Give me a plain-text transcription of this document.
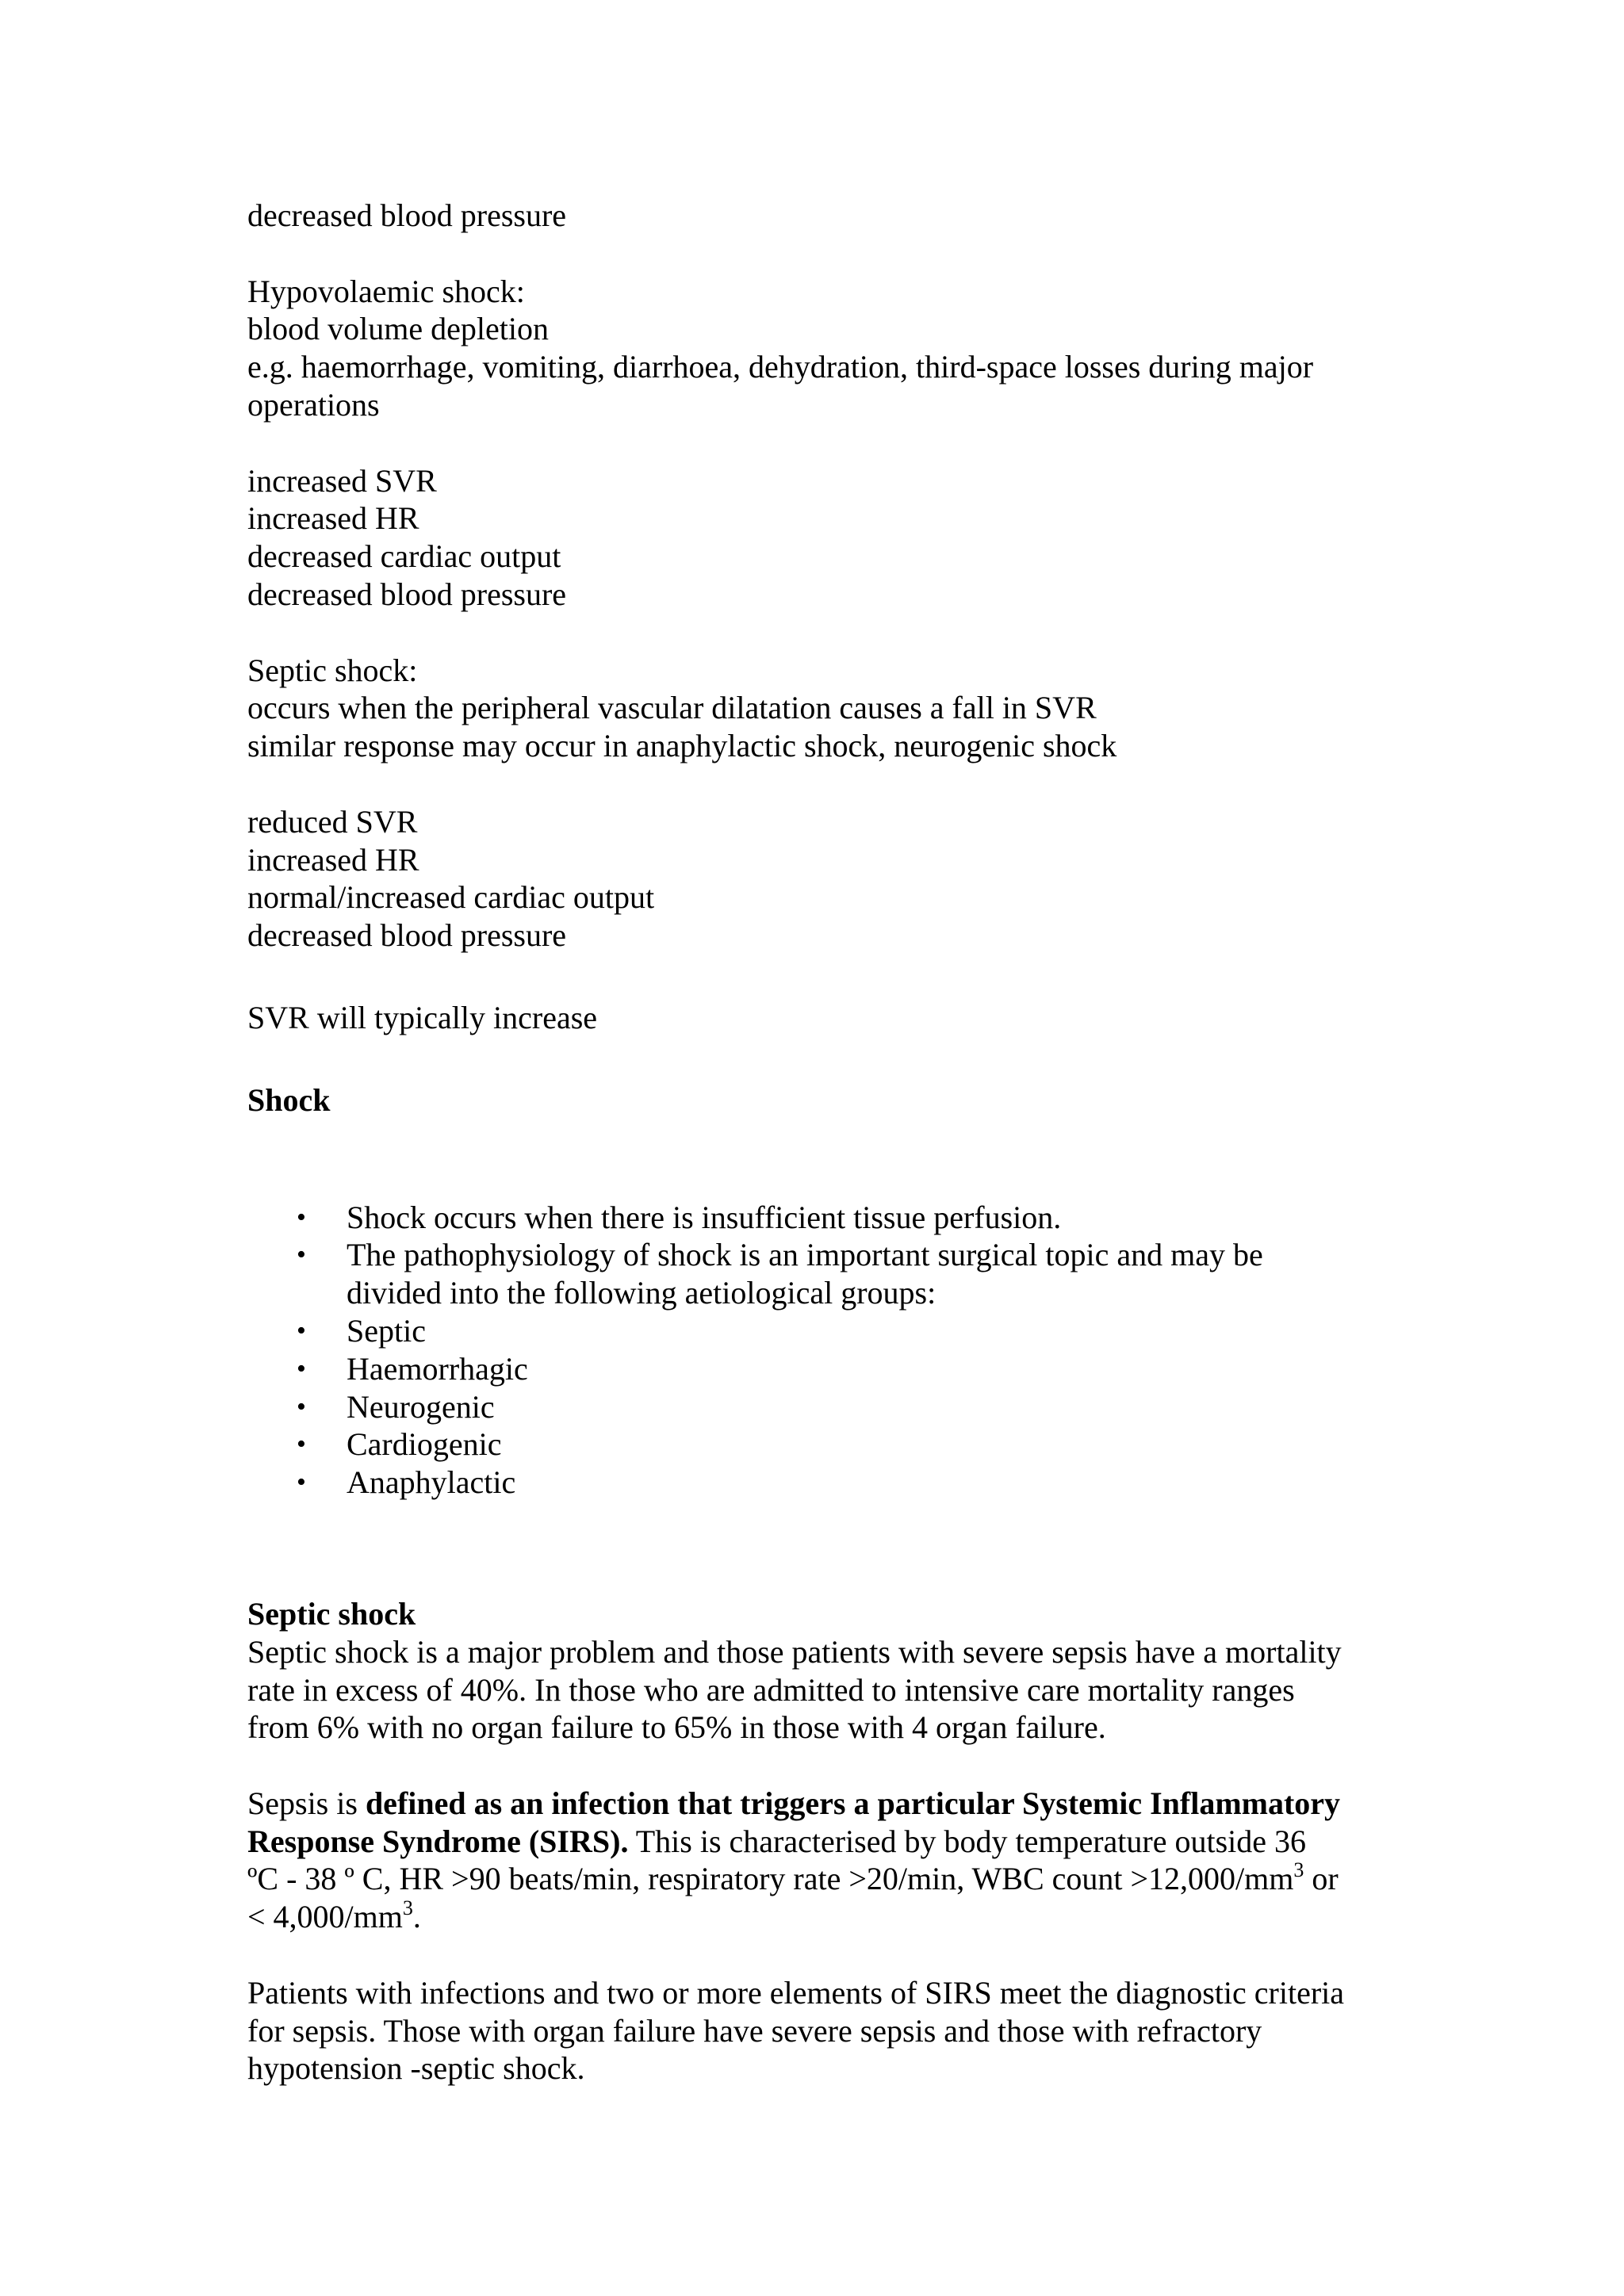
decreased blood pressure
Hypovolaemic shock:
blood volume depletion
e.g. haemorrhage, vomiting, diarrhoea, dehydration, third-space losses during major
operations
increased SVR
increased HR
decreased cardiac output
decreased blood pressure
Septic shock:
occurs when the peripheral vascular dilatation causes a fall in SVR
similar response may occur in anaphylactic shock, neurogenic shock
reduced SVR
increased HR
normal/increased cardiac output
decreased blood pressure
SVR will typically increase
Shock
• Shock occurs when there is insufficient tissue perfusion.
• The pathophysiology of shock is an important surgical topic and may be
divided into the following aetiological groups:
• Septic
• Haemorrhagic
• Neurogenic
• Cardiogenic
• Anaphylactic
Septic shock
Septic shock is a major problem and those patients with severe sepsis have a mortality
rate in excess of 40%. In those who are admitted to intensive care mortality ranges
from 6% with no organ failure to 65% in those with 4 organ failure.
Sepsis is defined as an infection that triggers a particular Systemic Inflammatory
Response Syndrome (SIRS). This is characterised by body temperature outside 36
ºC - 38 º C, HR >90 beats/min, respiratory rate >20/min, WBC count $>12,000/mm^3$ or
< $4,000/mm^3$.
Patients with infections and two or more elements of SIRS meet the diagnostic criteria
for sepsis. Those with organ failure have severe sepsis and those with refractory
hypotension -septic shock.
